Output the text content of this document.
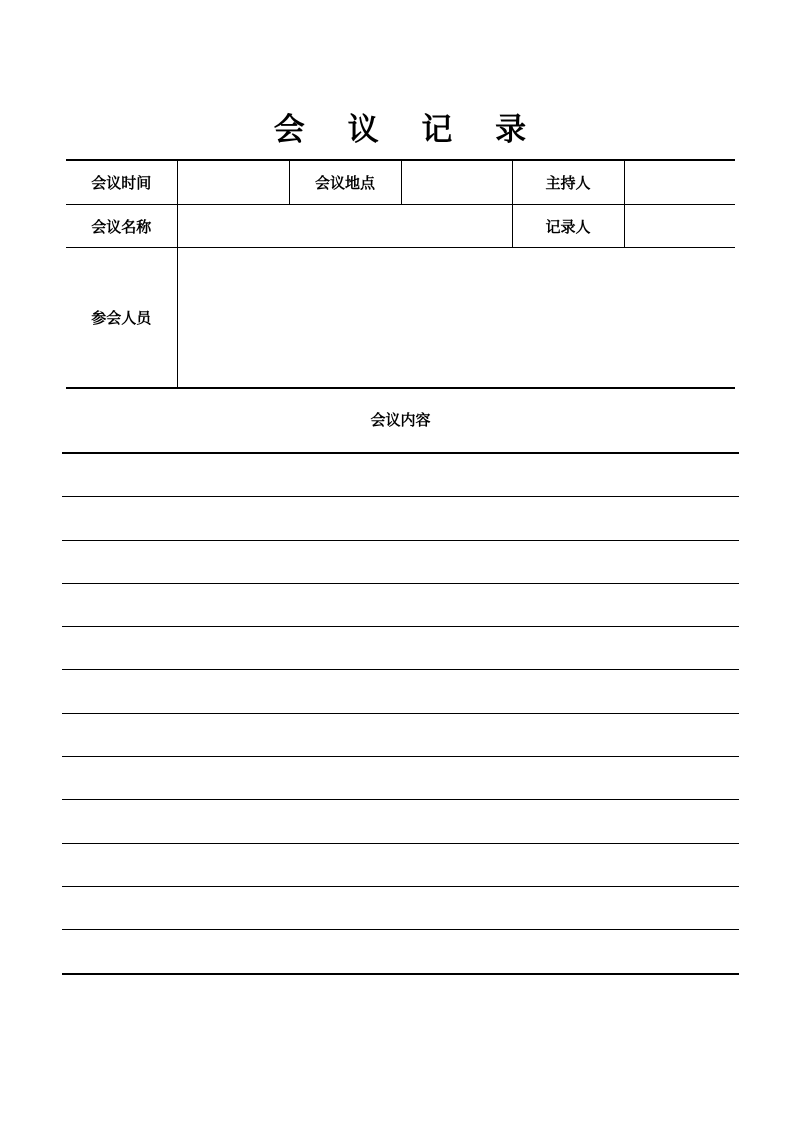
会 议 记 录
会议时间		会议地点		主持人	
会议名称				记录人	
参会人员					
会议内容
